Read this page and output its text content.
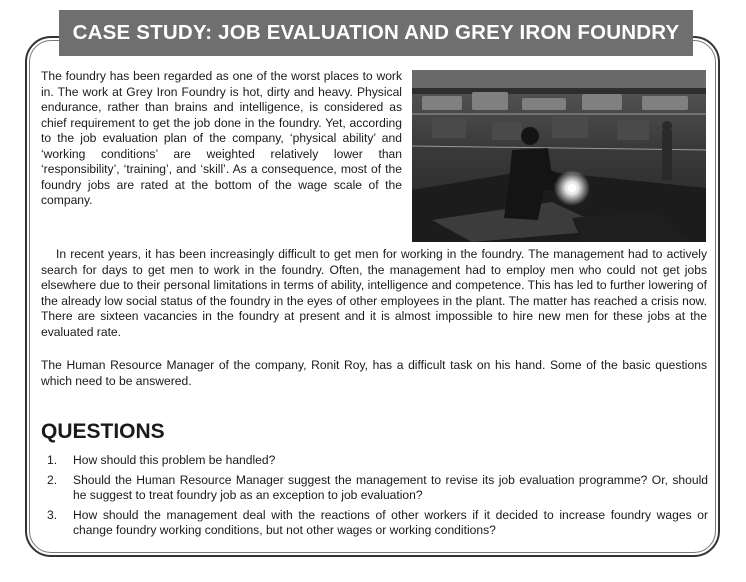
CASE STUDY: JOB EVALUATION AND GREY IRON FOUNDRY
The foundry has been regarded as one of the worst places to work in. The work at Grey Iron Foundry is hot, dirty and heavy. Physical endurance, rather than brains and intelligence, is considered as chief requirement to get the job done in the foundry. Yet, according to the job evaluation plan of the company, ‘physical ability’ and ‘working conditions’ are weighted relatively lower than ‘responsibility’, ‘training’, and ‘skill’. As a consequence, most of the foundry jobs are rated at the bottom of the wage scale of the company.
In recent years, it has been increasingly difficult to get men for working in the foundry. The management had to actively search for days to get men to work in the foundry. Often, the management had to employ men who could not get jobs elsewhere due to their personal limitations in terms of ability, intelligence and competence. This has led to further lowering of the already low social status of the foundry in the eyes of other employees in the plant. The matter has reached a crisis now. There are sixteen vacancies in the foundry at present and it is almost impossible to hire new men for these jobs at the evaluated rate.
The Human Resource Manager of the company, Ronit Roy, has a difficult task on his hand. Some of the basic questions which need to be answered.
QUESTIONS
1. How should this problem be handled?
2. Should the Human Resource Manager suggest the management to revise its job evaluation programme? Or, should he suggest to treat foundry job as an exception to job evaluation?
3. How should the management deal with the reactions of other workers if it decided to increase foundry wages or change foundry working conditions, but not other wages or working conditions?
